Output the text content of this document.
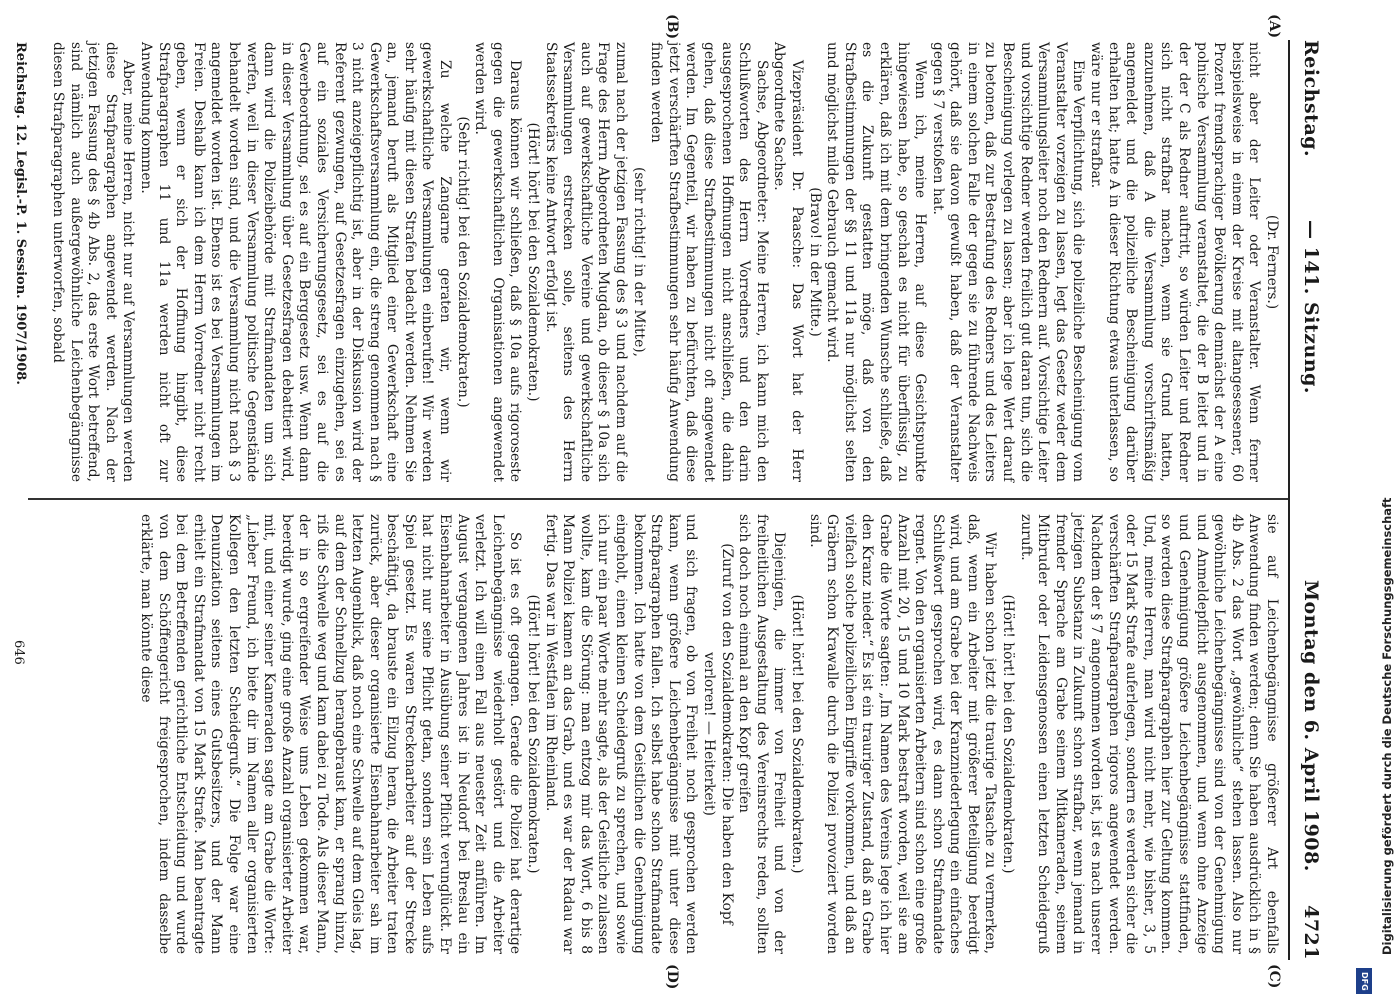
Reichstag.
— 141. Sitzung.
Montag den 6. April 1908.
4721
(A)
(B)
(C)
(D)

(Dr. Ferners.)

nicht aber der Leiter oder Veranstalter. Wenn ferner beispielsweise in einem der Kreise mit altangesessener, 60 Prozent fremdsprachiger Bevölkerung demnächst der A eine polnische Versammlung veranstaltet, die der B leitet und in der der C als Redner auftritt, so würden Leiter und Redner sich nicht strafbar machen, wenn sie Grund hatten, anzunehmen, daß A die Versammlung vorschriftsmäßig angemeldet und die polizeiliche Bescheinigung darüber erhalten hat; hatte A in dieser Richtung etwas unterlassen, so wäre nur er strafbar.

Eine Verpflichtung, sich die polizeiliche Bescheinigung vom Veranstalter vorzeigen zu lassen, legt das Gesetz weder dem Versammlungsleiter noch den Rednern auf. Vorsichtige Leiter und vorsichtige Redner werden freilich gut daran tun, sich die Bescheinigung vorlegen zu lassen; aber ich lege Wert darauf zu betonen, daß zur Bestrafung des Redners und des Leiters in einem solchen Falle der gegen sie zu führende Nachweis gehört, daß sie davon gewußt haben, daß der Veranstalter gegen § 7 verstoßen hat.

Wenn ich, meine Herren, auf diese Gesichtspunkte hingewiesen habe, so geschah es nicht für überflüssig, zu erklären, daß ich mit dem bringenden Wunsche schließe, daß es die Zukunft gestatten möge, daß von den Strafbestimmungen der §§ 11 und 11a nur möglichst selten und möglichst milde Gebrauch gemacht wird.

(Bravo! in der Mitte.)

Vizepräsident Dr. Paasche: Das Wort hat der Herr Abgeordnete Sachse.

Sachse, Abgeordneter: Meine Herren, ich kann mich den Schlußworten des Herrn Vorredners und den darin ausgesprochenen Hoffnungen nicht anschließen, die dahin gehen, daß diese Strafbestimmungen nicht oft angewendet werden. Im Gegenteil, wir haben zu befürchten, daß diese jetzt verschärften Strafbestimmungen sehr häufig Anwendung finden werden

(sehr richtig! in der Mitte),

zumal nach der jetzigen Fassung des § 3 und nachdem auf die Frage des Herrn Abgeordneten Mugdan, ob dieser § 10a sich auch auf gewerkschaftliche Vereine und gewerkschaftliche Versammlungen erstrecken solle, seitens des Herrn Staatssekretärs keine Antwort erfolgt ist.

(Hört! hört! bei den Sozialdemokraten.)

Daraus können wir schließen, daß § 10a aufs rigoroseste gegen die gewerkschaftlichen Organisationen angewendet werden wird.

(Sehr richtig! bei den Sozialdemokraten.)

Zu welche Zangarne geraten wir, wenn wir gewerkschaftliche Versammlungen einberufen! Wir werden sehr häufig mit diesen Strafen bedacht werden. Nehmen Sie an, jemand beruft als Mitglied einer Gewerkschaft eine Gewerkschaftsversammlung ein, die streng genommen nach § 3 nicht anzeigepflichtig ist, aber in der Diskussion wird der Referent gezwungen, auf Gesetzesfragen einzugehen, sei es auf ein soziales Versicherungsgesetz, sei es auf die Gewerbeordnung, sei es auf ein Berggesetz usw. Wenn dann in dieser Versammlung über Gesetzesfragen debattiert wird, dann wird die Polizeibehörde mit Strafmandaten um sich werfen, weil in dieser Versammlung politische Gegenstände behandelt worden sind, und die Versammlung nicht nach § 3 angemeldet worden ist. Ebenso ist es bei Versammlungen im Freien. Deshalb kann ich dem Herrn Vorredner nicht recht geben, wenn er sich der Hoffnung hingibt, diese Strafparagraphen 11 und 11a werden nicht oft zur Anwendung kommen.

Aber, meine Herren, nicht nur auf Versammlungen werden diese Strafparagraphen angewendet werden. Nach der jetzigen Fassung des § 4b Abs. 2, das erste Wort betreffend, sind nämlich auch außergewöhnliche Leichenbegängnisse diesen Strafparagraphen unterworfen, sobald

sie auf Leichenbegängnisse größerer Art ebenfalls Anwendung finden werden; denn Sie haben ausdrücklich in § 4b Abs. 2 das Wort „gewöhnliche“ stehen lassen. Also nur gewöhnliche Leichenbegängnisse sind von der Genehmigung und Anmeldepflicht ausgenommen, und wenn ohne Anzeige und Genehmigung größere Leichenbegängnisse stattfinden, so werden diese Strafparagraphen hier zur Geltung kommen. Und, meine Herren, man wird nicht mehr, wie bisher, 3, 5 oder 15 Mark Strafe auferlegen, sondern es werden sicher die verschärften Strafparagraphen rigoros angewendet werden. Nachdem der § 7 angenommen worden ist, ist es nach unserer jetzigen Substanz in Zukunft schon strafbar, wenn jemand in fremder Sprache am Grabe seinem Mitkameraden, seinem Mitbruder oder Leidensgenossen einen letzten Scheidegruß zuruft.

(Hört! hört! bei den Sozialdemokraten.)

Wir haben schon jetzt die traurige Tatsache zu vermerken, daß, wenn ein Arbeiter mit größerer Beteiligung beerdigt wird, und am Grabe bei der Kranzniederlegung ein einfaches Schlußwort gesprochen wird, es dann schon Strafmandate regnet. Von den organisierten Arbeitern sind schon eine große Anzahl mit 20, 15 und 10 Mark bestraft worden, weil sie am Grabe die Worte sagten: „Im Namen des Vereins lege ich hier den Kranz nieder.“ Es ist ein trauriger Zustand, daß an Grabe vielfach solche polizeilichen Eingriffe vorkommen, und daß an Gräbern schon Krawalle durch die Polizei provoziert worden sind.

(Hört! hört! bei den Sozialdemokraten.)

Diejenigen, die immer von Freiheit und von der freiheitlichen Ausgestaltung des Vereinsrechts reden, sollten sich doch noch einmal an den Kopf greifen

(Zuruf von den Sozialdemokraten: Die haben den Kopf verloren! — Heiterkeit)

und sich fragen, ob von Freiheit noch gesprochen werden kann, wenn größere Leichenbegängnisse mit unter diese Strafparagraphen fallen. Ich selbst habe schon Strafmandate bekommen. Ich hatte von dem Geistlichen die Genehmigung eingeholt, einen kleinen Scheidegruß zu sprechen, und sowie ich nur ein paar Worte mehr sagte, als der Geistliche zulassen wollte, kam die Störung: man entzog mir das Wort, 6 bis 8 Mann Polizei kamen an das Grab, und es war der Radau war fertig. Das war in Westfalen im Rheinland.

(Hört! hört! bei den Sozialdemokraten.)

So ist es oft gegangen. Gerade die Polizei hat derartige Leichenbegängnisse wiederholt gestört und die Arbeiter verletzt. Ich will einen Fall aus neuester Zeit anführen. Im August vergangenen Jahres ist in Neudorf bei Breslau ein Eisenbahnarbeiter in Ausübung seiner Pflicht verunglückt. Er hat nicht nur seine Pflicht getan, sondern sein Leben aufs Spiel gesetzt. Es waren Streckenarbeiter auf der Strecke beschäftigt, da brauste ein Eilzug heran, die Arbeiter traten zurück, aber dieser organisierte Eisenbahnarbeiter sah im letzten Augenblick, daß noch eine Schwelle auf dem Gleis lag, auf dem der Schnellzug herangebraust kam, er sprang hinzu, riß die Schwelle weg und kam dabei zu Tode. Als dieser Mann, der in so ergreifender Weise ums Leben gekommen war, beerdigt wurde, ging eine große Anzahl organisierter Arbeiter mit, und einer seiner Kameraden sagte am Grabe die Worte: „Lieber Freund, ich biete dir im Namen aller organisierten Kollegen den letzten Scheidegruß.“ Die Folge war eine Denunziation seitens eines Gutsbesitzers, und der Mann erhielt ein Strafmandat von 15 Mark Strafe. Man beantragte bei dem Betreffenden gerichtliche Entscheidung und wurde von dem Schöffengericht freigesprochen, indem dasselbe erklärte, man könnte diese

Reichstag. 12. Legisl.-P. 1. Session. 1907/1908.
646	Digitalisierung gefördert durch die Deutsche Forschungsgemeinschaft
DFG
